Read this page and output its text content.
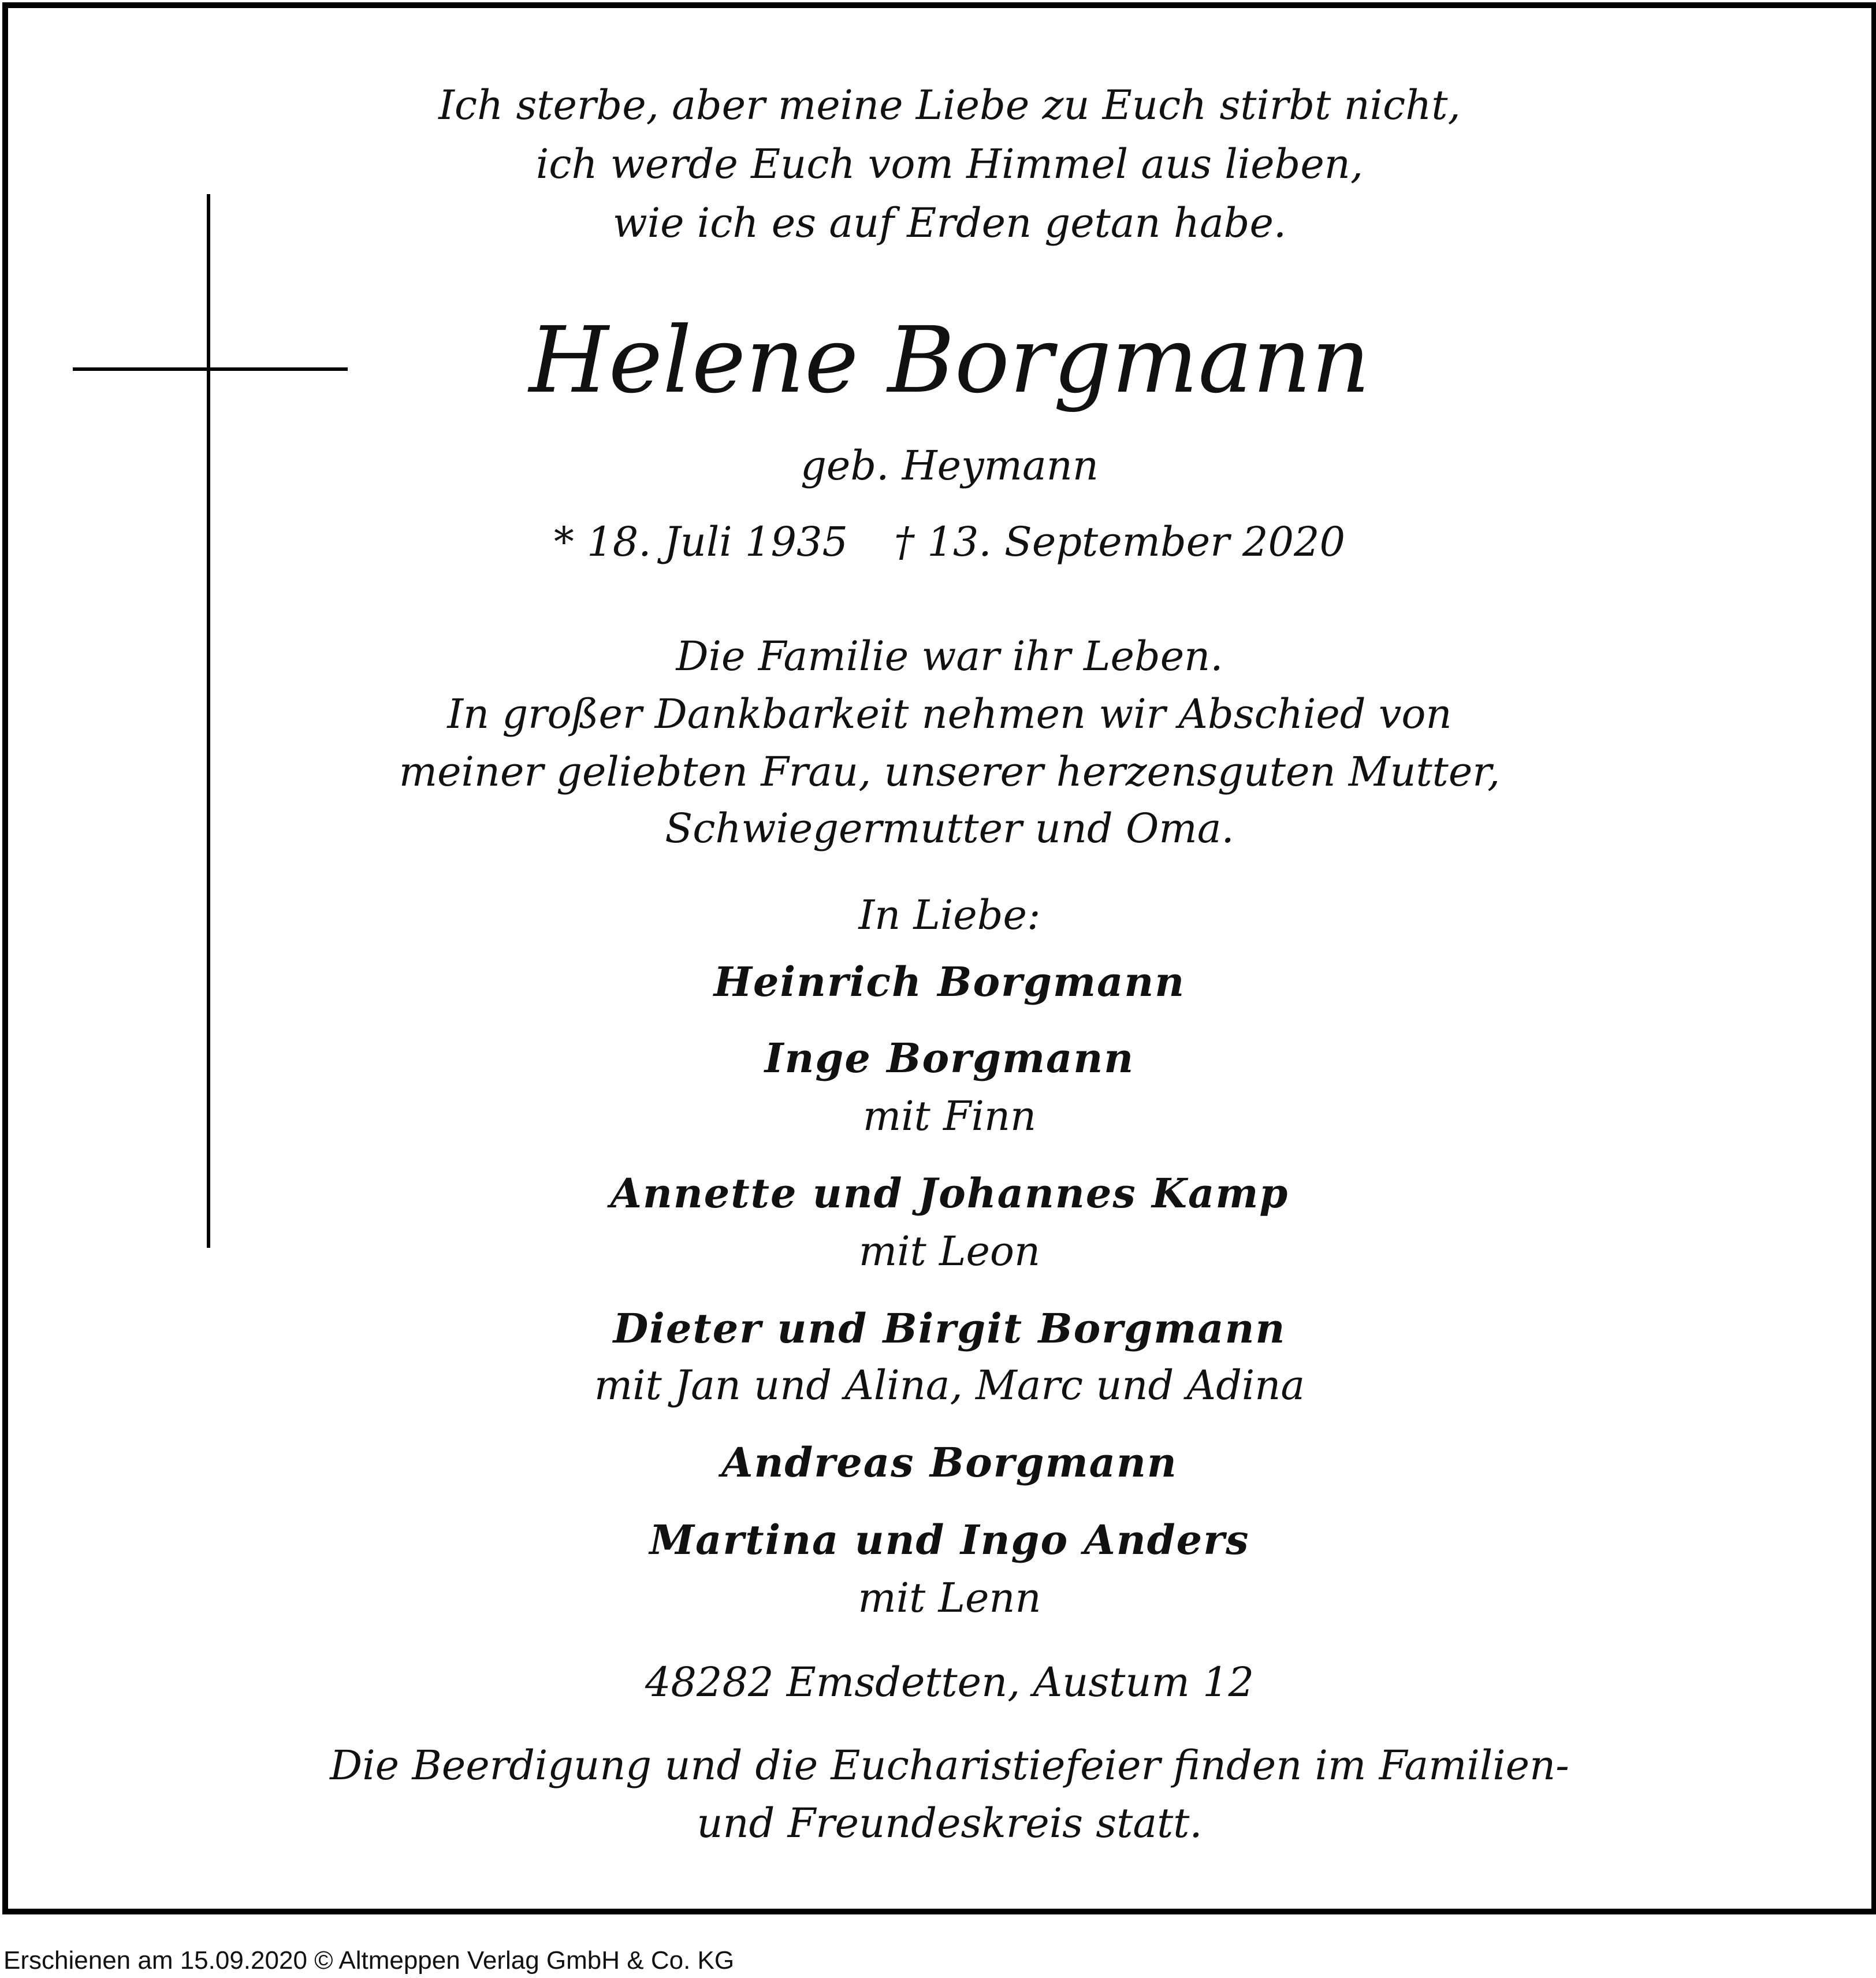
Ich sterbe, aber meine Liebe zu Euch stirbt nicht,
ich werde Euch vom Himmel aus lieben,
wie ich es auf Erden getan habe.
Helene Borgmann
geb. Heymann
* 18. Juli 1935 † 13. September 2020
Die Familie war ihr Leben.
In großer Dankbarkeit nehmen wir Abschied von
meiner geliebten Frau, unserer herzensguten Mutter,
Schwiegermutter und Oma.
In Liebe:
Heinrich Borgmann
Inge Borgmann
mit Finn
Annette und Johannes Kamp
mit Leon
Dieter und Birgit Borgmann
mit Jan und Alina, Marc und Adina
Andreas Borgmann
Martina und Ingo Anders
mit Lenn
48282 Emsdetten, Austum 12
Die Beerdigung und die Eucharistiefeier finden im Familien-
und Freundeskreis statt.
Erschienen am 15.09.2020 © Altmeppen Verlag GmbH & Co. KG
